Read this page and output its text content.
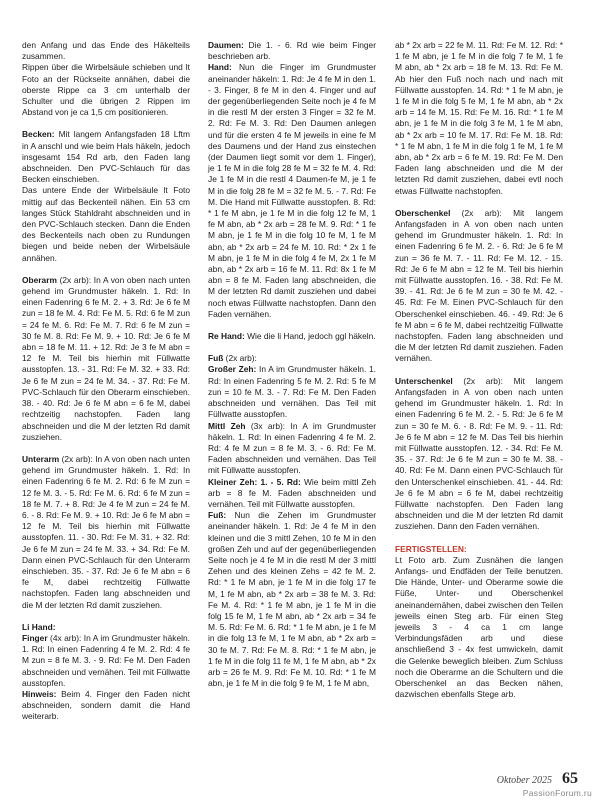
den Anfang und das Ende des Häkelteils zusammen.

Rippen über die Wirbelsäule schieben und lt Foto an der Rückseite annähen, dabei die oberste Rippe ca 3 cm unterhalb der Schulter und die übrigen 2 Rippen im Abstand von je ca 1,5 cm positionieren.

Becken: Mit langem Anfangsfaden 18 Lftm in A anschl und wie beim Hals häkeln, jedoch insgesamt 154 Rd arb, den Faden lang abschneiden. Den PVC-Schlauch für das Becken einschieben.

Das untere Ende der Wirbelsäule lt Foto mittig auf das Beckenteil nähen. Ein 53 cm langes Stück Stahldraht abschneiden und in den PVC-Schlauch stecken. Dann die Enden des Beckenteils nach oben zu Rundungen biegen und beide neben der Wirbelsäule annähen.

Oberarm (2x arb): In A von oben nach unten gehend im Grundmuster häkeln. 1. Rd: In einen Fadenring 6 fe M. 2. + 3. Rd: Je 6 fe M zun = 18 fe M. 4. Rd: Fe M. 5. Rd: 6 fe M zun = 24 fe M. 6. Rd: Fe M. 7. Rd: 6 fe M zun = 30 fe M. 8. Rd: Fe M. 9. + 10. Rd: Je 6 fe M abn = 18 fe M. 11. + 12. Rd: Je 3 fe M abn = 12 fe M. Teil bis hierhin mit Füllwatte ausstopfen. 13. - 31. Rd: Fe M. 32. + 33. Rd: Je 6 fe M zun = 24 fe M. 34. - 37. Rd: Fe M. PVC-Schlauch für den Oberarm einschieben. 38. - 40. Rd: Je 6 fe M abn = 6 fe M, dabei rechtzeitig nachstopfen. Faden lang abschneiden und die M der letzten Rd damit zusziehen.

Unterarm (2x arb): In A von oben nach unten gehend im Grundmuster häkeln. 1. Rd: In einen Fadenring 6 fe M. 2. Rd: 6 fe M zun = 12 fe M. 3. - 5. Rd: Fe M. 6. Rd: 6 fe M zun = 18 fe M. 7. + 8. Rd: Je 4 fe M zun = 24 fe M. 6. - 8. Rd: Fe M. 9. + 10. Rd: Je 6 fe M abn = 12 fe M. Teil bis hierhin mit Füllwatte ausstopfen. 11. - 30. Rd: Fe M. 31. + 32. Rd: Je 6 fe M zun = 24 fe M. 33. + 34. Rd: Fe M. Dann einen PVC-Schlauch für den Unterarm einschieben. 35. - 37. Rd: Je 6 fe M abn = 6 fe M, dabei rechtzeitig Füllwatte nachstopfen. Faden lang abschneiden und die M der letzten Rd damit zusziehen.

Li Hand:

Finger (4x arb): In A im Grundmuster häkeln. 1. Rd: In einen Fadenring 4 fe M. 2. Rd: 4 fe M zun = 8 fe M. 3. - 9. Rd: Fe M. Den Faden abschneiden und vernähen. Teil mit Füllwatte ausstopfen.

Hinweis: Beim 4. Finger den Faden nicht abschneiden, sondern damit die Hand weiterarb.

Daumen: Die 1. - 6. Rd wie beim Finger beschrieben arb.

Hand: Nun die Finger im Grundmuster aneinander häkeln: 1. Rd: Je 4 fe M in den 1. - 3. Finger, 8 fe M in den 4. Finger und auf der gegenüberliegenden Seite noch je 4 fe M in die restl M der ersten 3 Finger = 32 fe M. 2. Rd: Fe M. 3. Rd: Den Daumen anlegen und für die ersten 4 fe M jeweils in eine fe M des Daumens und der Hand zus einstechen (der Daumen liegt somit vor dem 1. Finger), je 1 fe M in die folg 28 fe M = 32 fe M. 4. Rd: Je 1 fe M in die restl 4 Daumen-fe M, je 1 fe M in die folg 28 fe M = 32 fe M. 5. - 7. Rd: Fe M. Die Hand mit Füllwatte ausstopfen. 8. Rd: * 1 fe M abn, je 1 fe M in die folg 12 fe M, 1 fe M abn, ab * 2x arb = 28 fe M. 9. Rd: * 1 fe M abn, je 1 fe M in die folg 10 fe M, 1 fe M abn, ab * 2x arb = 24 fe M. 10. Rd: * 2x 1 fe M abn, je 1 fe M in die folg 4 fe M, 2x 1 fe M abn, ab * 2x arb = 16 fe M. 11. Rd: 8x 1 fe M abn = 8 fe M. Faden lang abschneiden, die M der letzten Rd damit zusziehen und dabei noch etwas Füllwatte nachstopfen. Dann den Faden vernähen.

Re Hand: Wie die li Hand, jedoch ggl häkeln.

Fuß (2x arb):

Großer Zeh: In A im Grundmuster häkeln. 1. Rd: In einen Fadenring 5 fe M. 2. Rd: 5 fe M zun = 10 fe M. 3. - 7. Rd: Fe M. Den Faden abschneiden und vernähen. Das Teil mit Füllwatte ausstopfen.

Mittl Zeh (3x arb): In A im Grundmuster häkeln. 1. Rd: In einen Fadenring 4 fe M. 2. Rd: 4 fe M zun = 8 fe M. 3. - 6. Rd: Fe M. Faden abschneiden und vernähen. Das Teil mit Füllwatte ausstopfen.

Kleiner Zeh: 1. - 5. Rd: Wie beim mittl Zeh arb = 8 fe M. Faden abschneiden und vernähen. Teil mit Füllwatte ausstopfen.

Fuß: Nun die Zehen im Grundmuster aneinander häkeln. 1. Rd: Je 4 fe M in den kleinen und die 3 mittl Zehen, 10 fe M in den großen Zeh und auf der gegenüberliegenden Seite noch je 4 fe M in die restl M der 3 mittl Zehen und des kleinen Zehs = 42 fe M. 2. Rd: * 1 fe M abn, je 1 fe M in die folg 17 fe M, 1 fe M abn, ab * 2x arb = 38 fe M. 3. Rd: Fe M. 4. Rd: * 1 fe M abn, je 1 fe M in die folg 15 fe M, 1 fe M abn, ab * 2x arb = 34 fe M. 5. Rd: Fe M. 6. Rd: * 1 fe M abn, je 1 fe M in die folg 13 fe M, 1 fe M abn, ab * 2x arb = 30 fe M. 7. Rd: Fe M. 8. Rd: * 1 fe M abn, je 1 fe M in die folg 11 fe M, 1 fe M abn, ab * 2x arb = 26 fe M. 9. Rd: Fe M. 10. Rd: * 1 fe M abn, je 1 fe M in die folg 9 fe M, 1 fe M abn,

ab * 2x arb = 22 fe M. 11. Rd: Fe M. 12. Rd: * 1 fe M abn, je 1 fe M in die folg 7 fe M, 1 fe M abn, ab * 2x arb = 18 fe M. 13. Rd: Fe M. Ab hier den Fuß noch nach und nach mit Füllwatte ausstopfen. 14. Rd: * 1 fe M abn, je 1 fe M in die folg 5 fe M, 1 fe M abn, ab * 2x arb = 14 fe M. 15. Rd: Fe M. 16. Rd: * 1 fe M abn, je 1 fe M in die folg 3 fe M, 1 fe M abn, ab * 2x arb = 10 fe M. 17. Rd: Fe M. 18. Rd: * 1 fe M abn, 1 fe M in die folg 1 fe M, 1 fe M abn, ab * 2x arb = 6 fe M. 19. Rd: Fe M. Den Faden lang abschneiden und die M der letzten Rd damit zusziehen, dabei evtl noch etwas Füllwatte nachstopfen.

Oberschenkel (2x arb): Mit langem Anfangsfaden in A von oben nach unten gehend im Grundmuster häkeln. 1. Rd: In einen Fadenring 6 fe M. 2. - 6. Rd: Je 6 fe M zun = 36 fe M. 7. - 11. Rd: Fe M. 12. - 15. Rd: Je 6 fe M abn = 12 fe M. Teil bis hierhin mit Füllwatte ausstopfen. 16. - 38. Rd: Fe M. 39. - 41. Rd: Je 6 fe M zun = 30 fe M. 42. - 45. Rd: Fe M. Einen PVC-Schlauch für den Oberschenkel einschieben. 46. - 49. Rd: Je 6 fe M abn = 6 fe M, dabei rechtzeitig Füllwatte nachstopfen. Faden lang abschneiden und die M der letzten Rd damit zusziehen. Faden vernähen.

Unterschenkel (2x arb): Mit langem Anfangsfaden in A von oben nach unten gehend im Grundmuster häkeln. 1. Rd: In einen Fadenring 6 fe M. 2. - 5. Rd: Je 6 fe M zun = 30 fe M. 6. - 8. Rd: Fe M. 9. - 11. Rd: Je 6 fe M abn = 12 fe M. Das Teil bis hierhin mit Füllwatte ausstopfen. 12. - 34. Rd: Fe M. 35. - 37. Rd: Je 6 fe M zun = 30 fe M. 38. - 40. Rd: Fe M. Dann einen PVC-Schlauch für den Unterschenkel einschieben. 41. - 44. Rd: Je 6 fe M abn = 6 fe M, dabei rechtzeitig Füllwatte nachstopfen. Den Faden lang abschneiden und die M der letzten Rd damit zusziehen. Dann den Faden vernähen.

FERTIGSTELLEN:

Lt Foto arb. Zum Zusnähen die langen Anfangs- und Endfäden der Teile benutzen. Die Hände, Unter- und Oberarme sowie die Füße, Unter- und Oberschenkel aneinandernähen, dabei zwischen den Teilen jeweils einen Steg arb. Für einen Steg jeweils 3 - 4 ca 1 cm lange Verbindungsfäden arb und diese anschließend 3 - 4x fest umwickeln, damit die Gelenke beweglich bleiben. Zum Schluss noch die Oberarme an die Schultern und die Oberschenkel an das Becken nähen, dazwischen ebenfalls Stege arb.

Oktober 2025 65
PassionForum.ru
